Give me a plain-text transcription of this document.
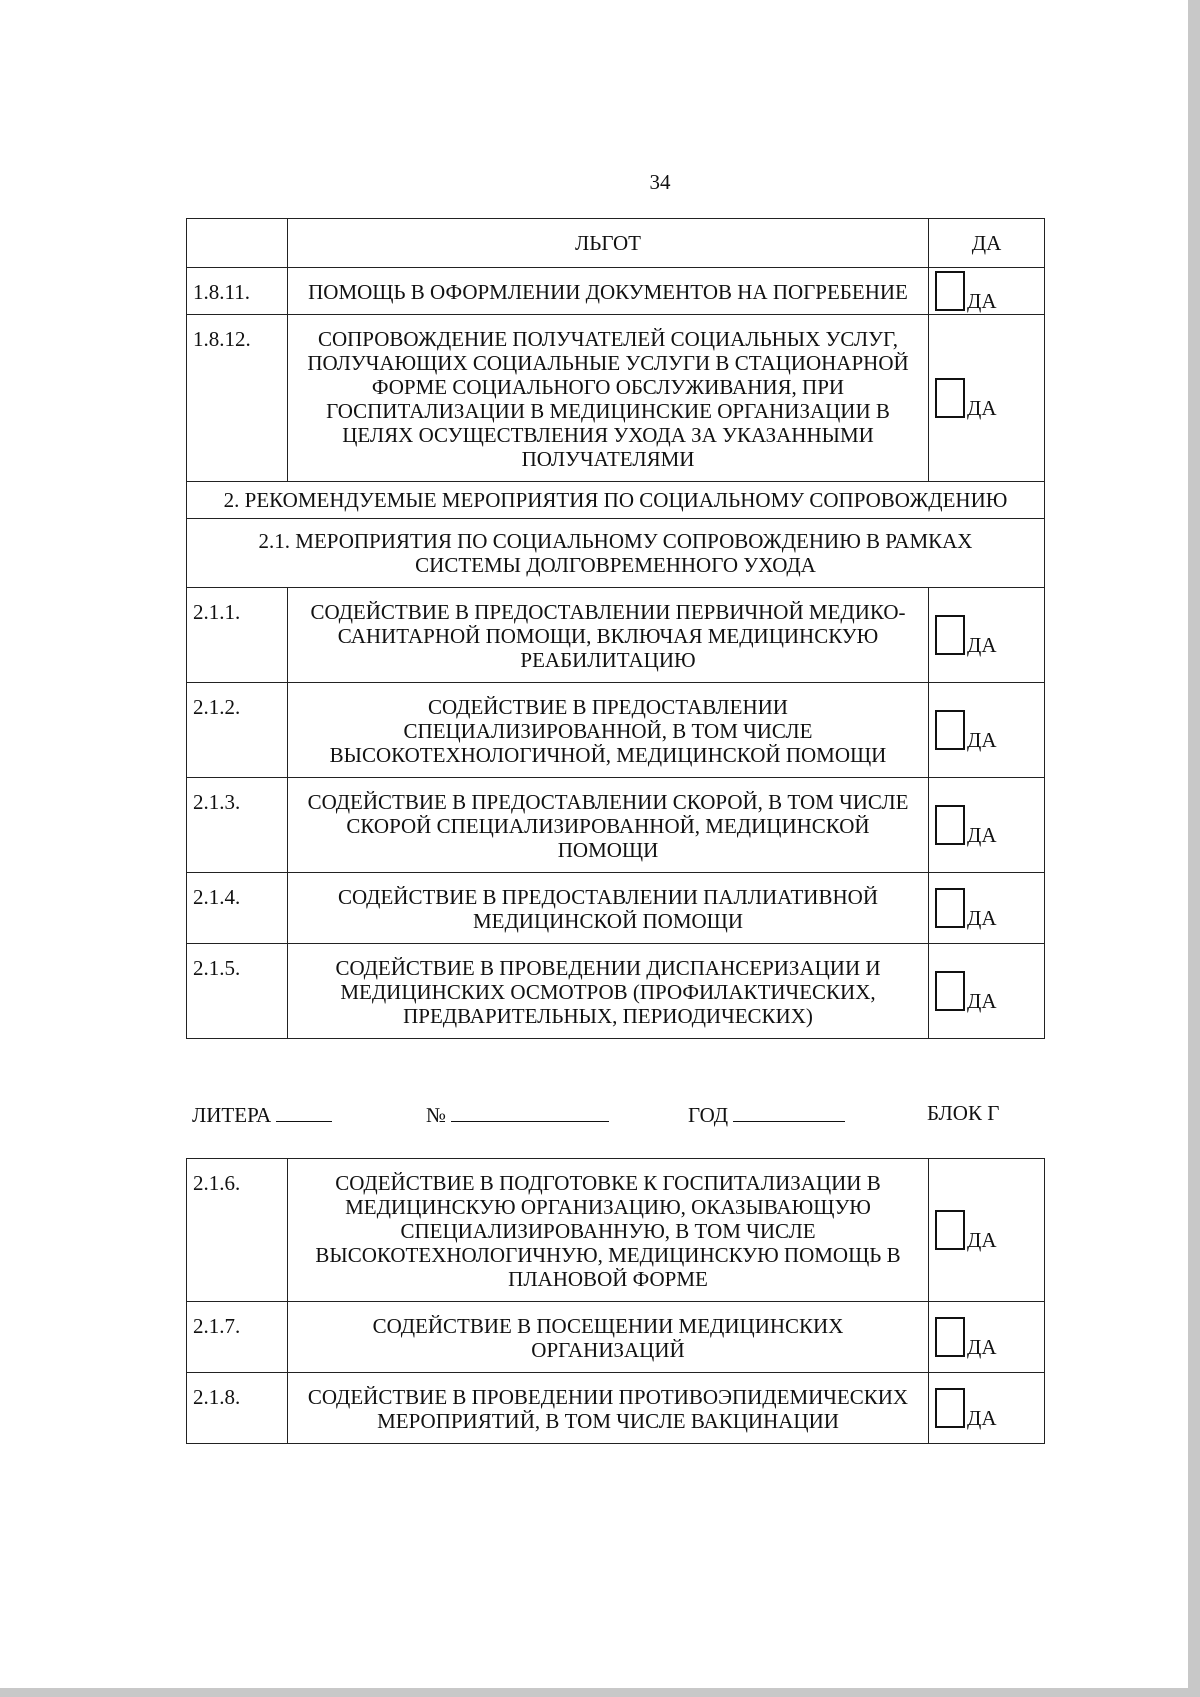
34
	ЛЬГОТ	ДА
1.8.11.	ПОМОЩЬ В ОФОРМЛЕНИИ ДОКУМЕНТОВ НА ПОГРЕБЕНИЕ	ДА

1.8.12.	СОПРОВОЖДЕНИЕ ПОЛУЧАТЕЛЕЙ СОЦИАЛЬНЫХ УСЛУГ, ПОЛУЧАЮЩИХ СОЦИАЛЬНЫЕ УСЛУГИ В СТАЦИОНАРНОЙ ФОРМЕ СОЦИАЛЬНОГО ОБСЛУЖИВАНИЯ, ПРИ ГОСПИТАЛИЗАЦИИ В МЕДИЦИНСКИЕ ОРГАНИЗАЦИИ В ЦЕЛЯХ ОСУЩЕСТВЛЕНИЯ УХОДА ЗА УКАЗАННЫМИ ПОЛУЧАТЕЛЯМИ	ДА

2. РЕКОМЕНДУЕМЫЕ МЕРОПРИЯТИЯ ПО СОЦИАЛЬНОМУ СОПРОВОЖДЕНИЮ		
2.1. МЕРОПРИЯТИЯ ПО СОЦИАЛЬНОМУ СОПРОВОЖДЕНИЮ В РАМКАХ СИСТЕМЫ ДОЛГОВРЕМЕННОГО УХОДА		
2.1.1.	СОДЕЙСТВИЕ В ПРЕДОСТАВЛЕНИИ ПЕРВИЧНОЙ МЕДИКО-САНИТАРНОЙ ПОМОЩИ, ВКЛЮЧАЯ МЕДИЦИНСКУЮ РЕАБИЛИТАЦИЮ	ДА

2.1.2.	СОДЕЙСТВИЕ В ПРЕДОСТАВЛЕНИИ СПЕЦИАЛИЗИРОВАННОЙ, В ТОМ ЧИСЛЕ ВЫСОКОТЕХНОЛОГИЧНОЙ, МЕДИЦИНСКОЙ ПОМОЩИ	ДА

2.1.3.	СОДЕЙСТВИЕ В ПРЕДОСТАВЛЕНИИ СКОРОЙ, В ТОМ ЧИСЛЕ СКОРОЙ СПЕЦИАЛИЗИРОВАННОЙ, МЕДИЦИНСКОЙ ПОМОЩИ	ДА

2.1.4.	СОДЕЙСТВИЕ В ПРЕДОСТАВЛЕНИИ ПАЛЛИАТИВНОЙ МЕДИЦИНСКОЙ ПОМОЩИ	ДА

2.1.5.	СОДЕЙСТВИЕ В ПРОВЕДЕНИИ ДИСПАНСЕРИЗАЦИИ И МЕДИЦИНСКИХ ОСМОТРОВ (ПРОФИЛАКТИЧЕСКИХ, ПРЕДВАРИТЕЛЬНЫХ, ПЕРИОДИЧЕСКИХ)	ДА
ЛИТЕРА	№	ГОД	БЛОК Г
2.1.6.	СОДЕЙСТВИЕ В ПОДГОТОВКЕ К ГОСПИТАЛИЗАЦИИ В МЕДИЦИНСКУЮ ОРГАНИЗАЦИЮ, ОКАЗЫВАЮЩУЮ СПЕЦИАЛИЗИРОВАННУЮ, В ТОМ ЧИСЛЕ ВЫСОКОТЕХНОЛОГИЧНУЮ, МЕДИЦИНСКУЮ ПОМОЩЬ В ПЛАНОВОЙ ФОРМЕ	ДА

2.1.7.	СОДЕЙСТВИЕ В ПОСЕЩЕНИИ МЕДИЦИНСКИХ ОРГАНИЗАЦИЙ	ДА

2.1.8.	СОДЕЙСТВИЕ В ПРОВЕДЕНИИ ПРОТИВОЭПИДЕМИЧЕСКИХ МЕРОПРИЯТИЙ, В ТОМ ЧИСЛЕ ВАКЦИНАЦИИ	ДА
